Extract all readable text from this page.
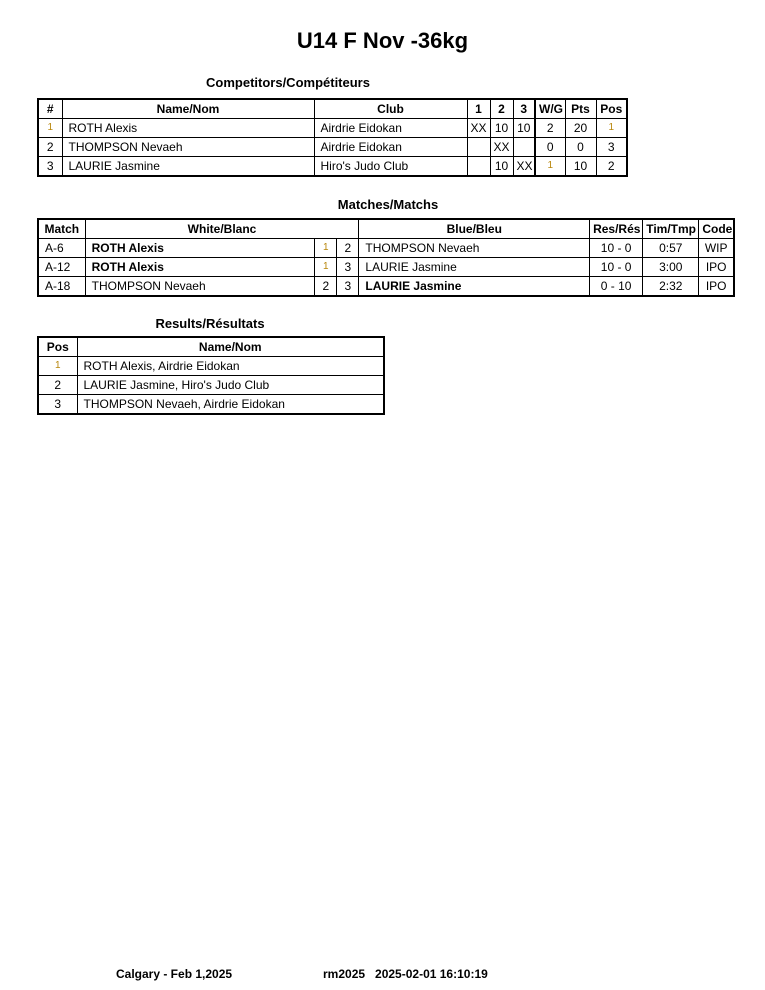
U14 F Nov -36kg
Competitors/Compétiteurs
#	Name/Nom	Club	1	2	3	W/G	Pts	Pos
1	ROTH Alexis	Airdrie Eidokan	XX	10	10	2	20	1
2	THOMPSON Nevaeh	Airdrie Eidokan		XX		0	0	3
3	LAURIE Jasmine	Hiro's Judo Club		10	XX	1	10	2
Matches/Matchs
Match	White/Blanc			Blue/Bleu	Res/Rés	Tim/Tmp	Code
A-6	ROTH Alexis	1	2	THOMPSON Nevaeh	10 - 0	0:57	WIP
A-12	ROTH Alexis	1	3	LAURIE Jasmine	10 - 0	3:00	IPO
A-18	THOMPSON Nevaeh	2	3	LAURIE Jasmine	0 - 10	2:32	IPO
Results/Résultats
Pos	Name/Nom
1	ROTH Alexis, Airdrie Eidokan
2	LAURIE Jasmine, Hiro's Judo Club
3	THOMPSON Nevaeh, Airdrie Eidokan
Calgary - Feb 1,2025	rm2025   2025-02-01 16:10:19
